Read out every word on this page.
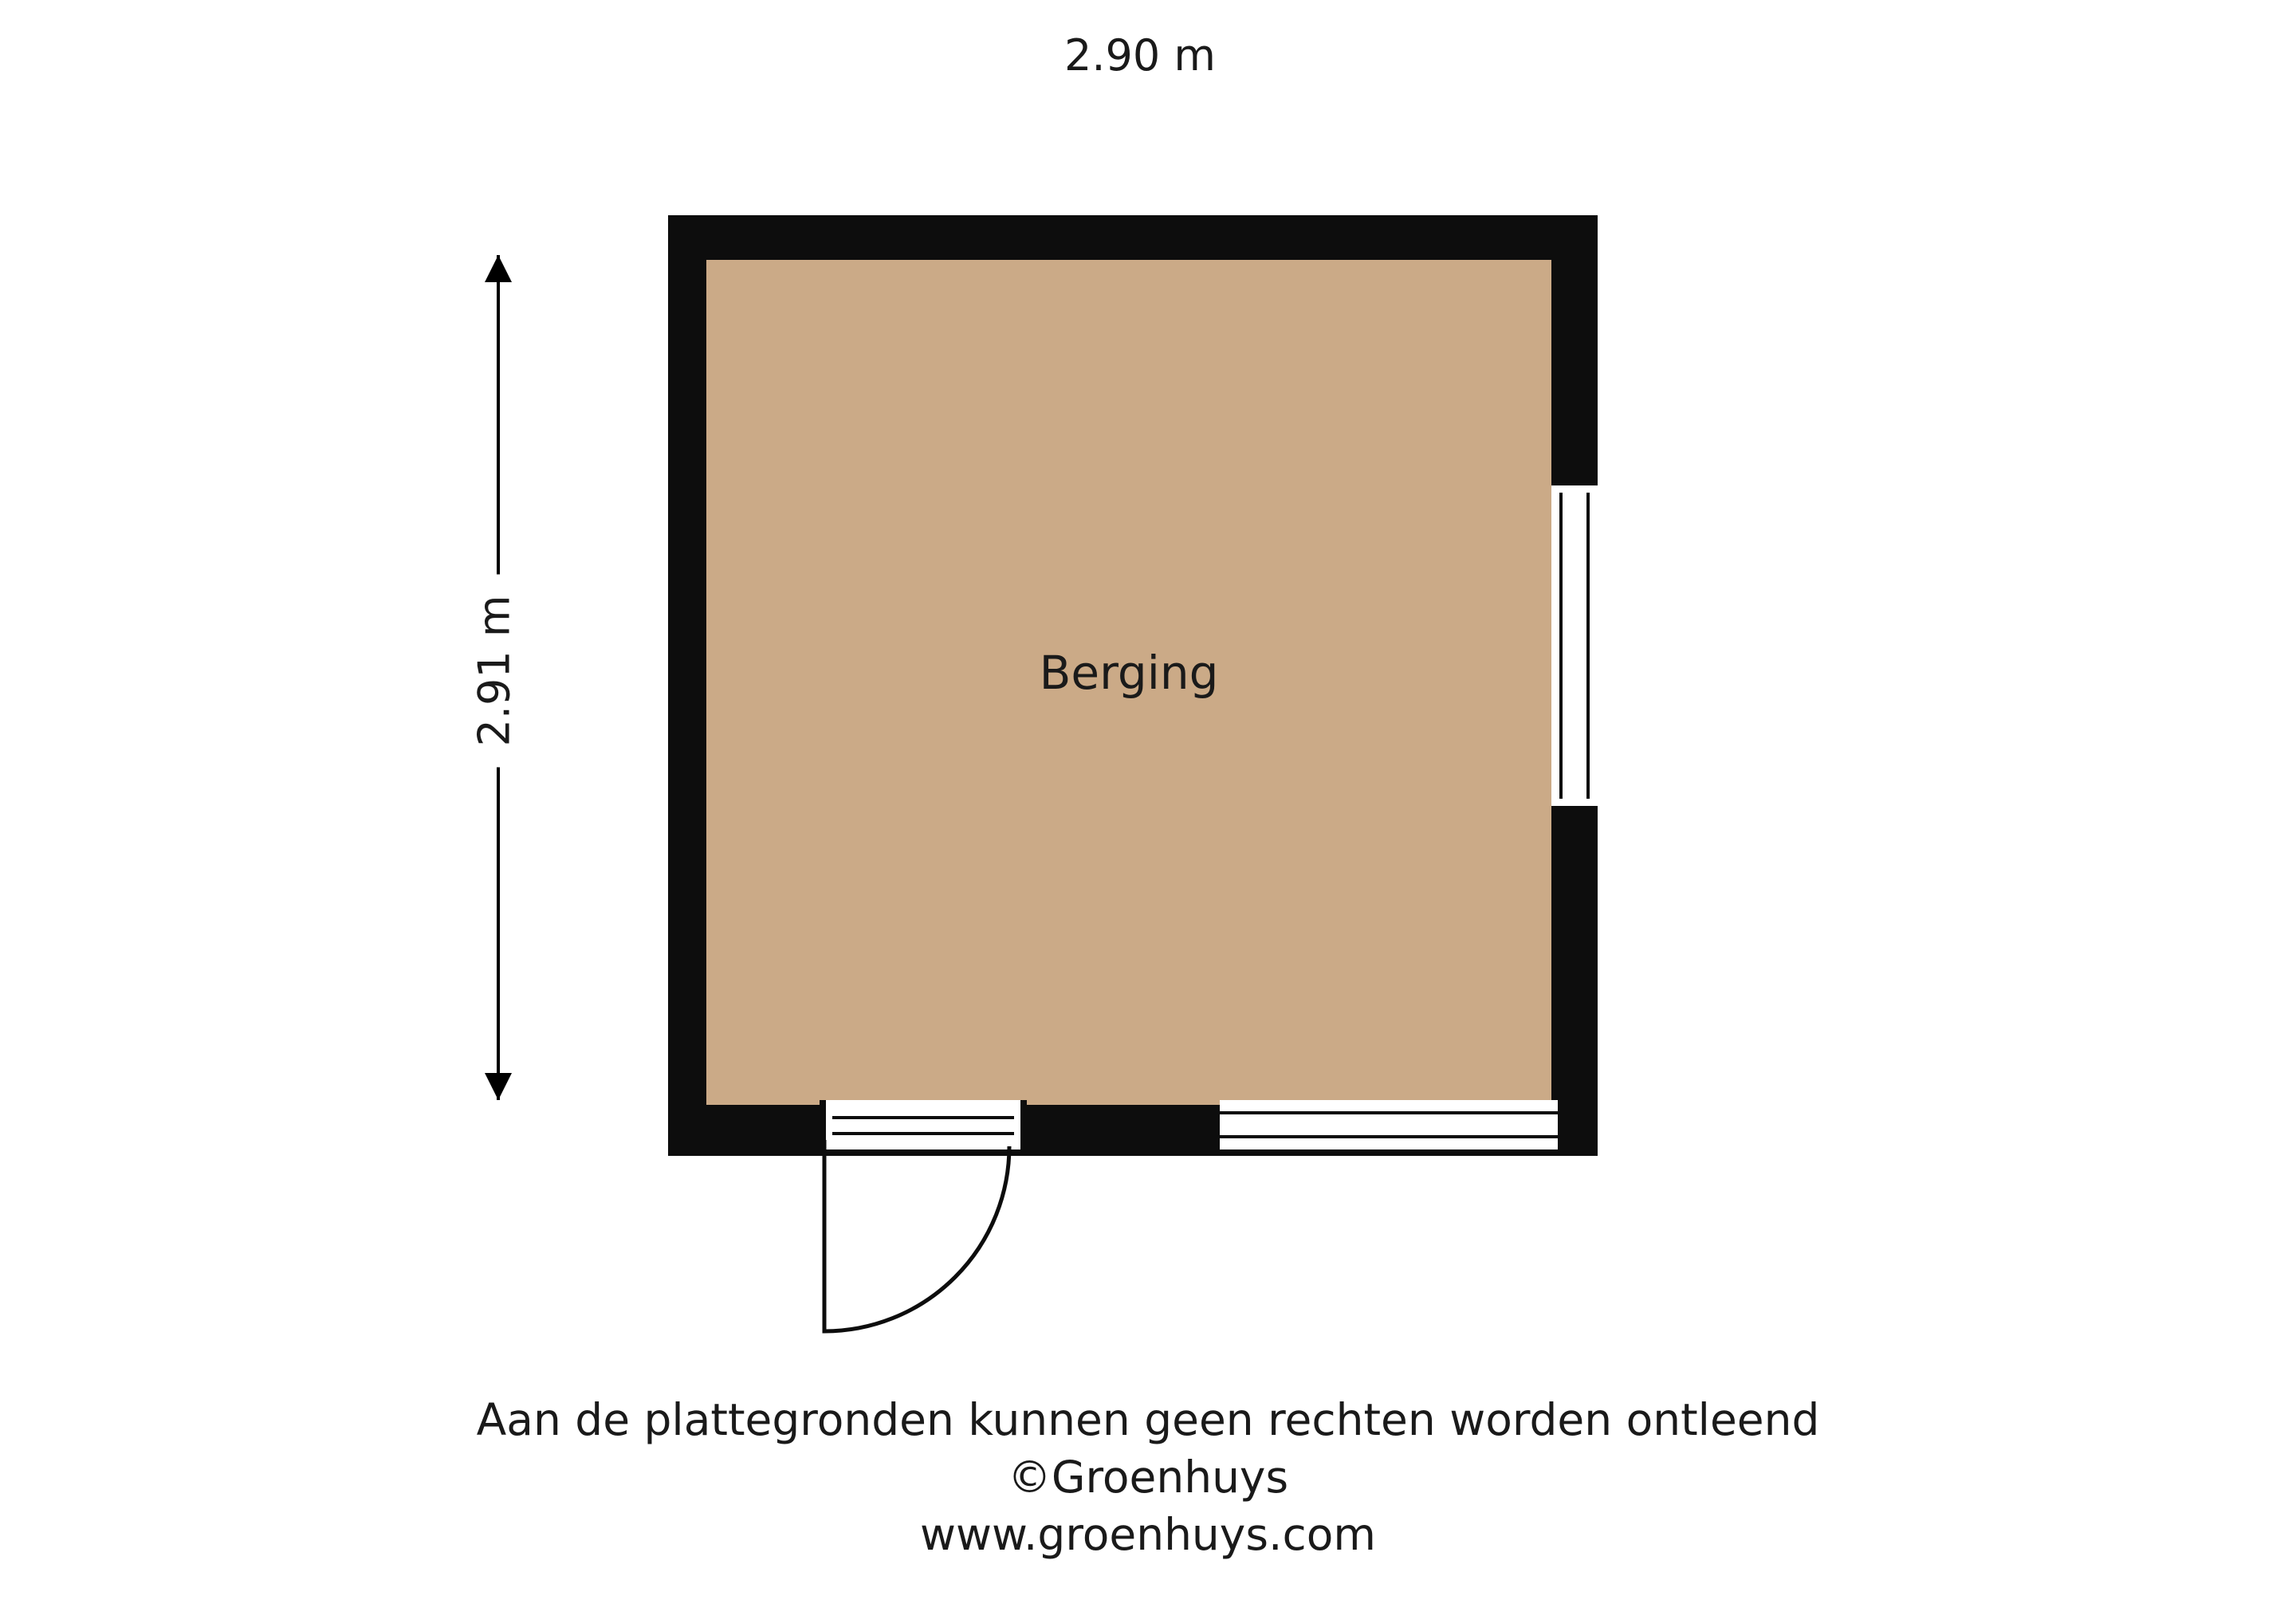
2.90 m
2.91 m	Berging
Aan de plattegronden kunnen geen rechten worden ontleend
©Groenhuys
www.groenhuys.com
